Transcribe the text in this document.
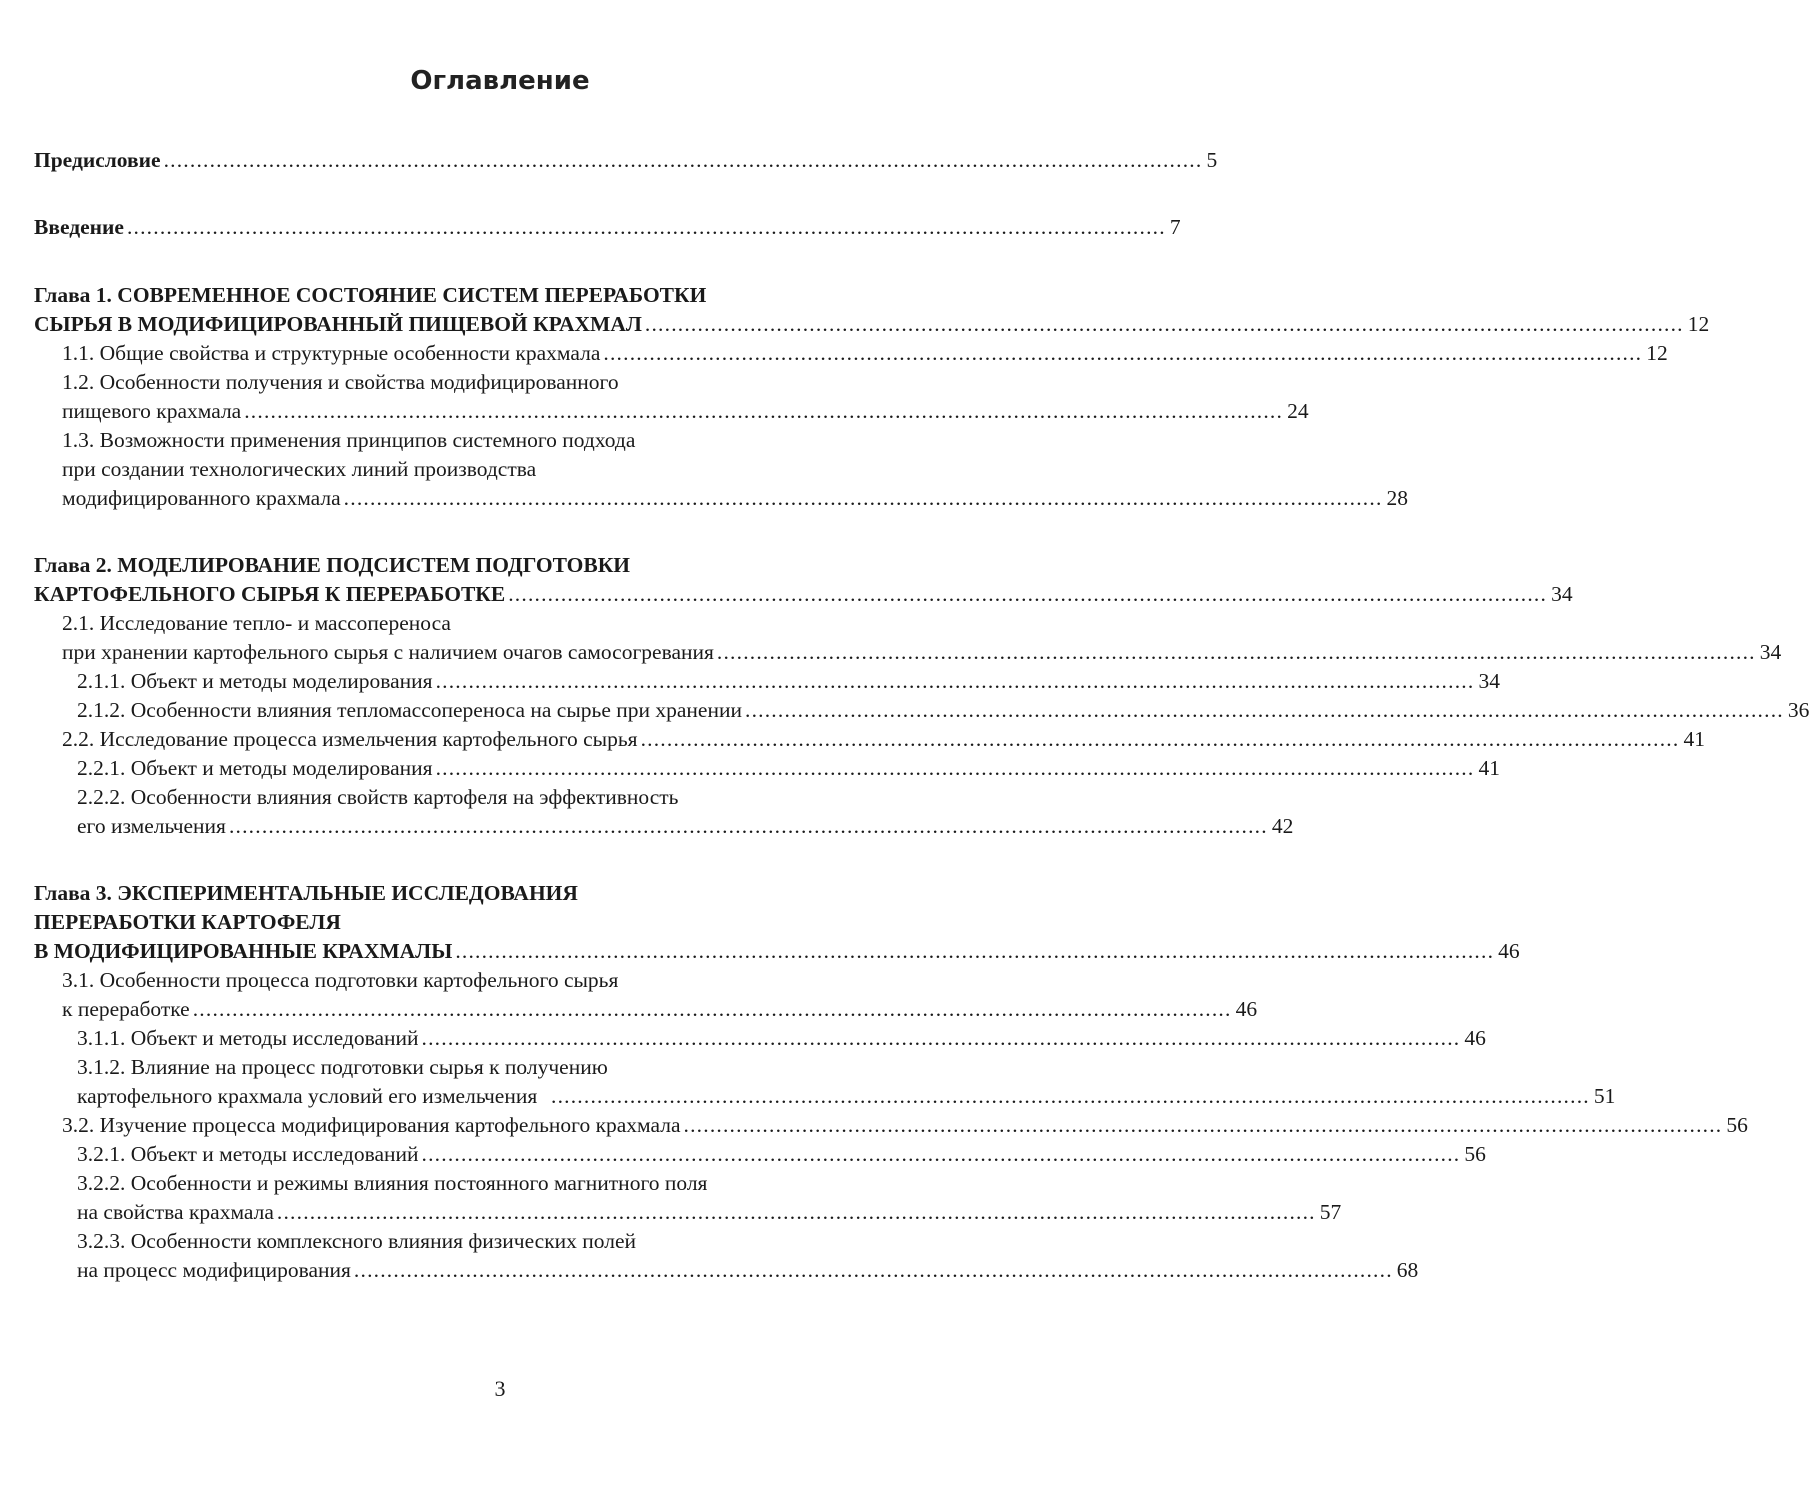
Оглавление
Предисловие .............................................................................................................................................................. 5
Введение .............................................................................................................................................................. 7
Глава 1. СОВРЕМЕННОЕ СОСТОЯНИЕ СИСТЕМ ПЕРЕРАБОТКИ
СЫРЬЯ В МОДИФИЦИРОВАННЫЙ ПИЩЕВОЙ КРАХМАЛ .............................................................................................................................................................. 12
1.1. Общие свойства и структурные особенности крахмала .............................................................................................................................................................. 12
1.2. Особенности получения и свойства модифицированного
пищевого крахмала .............................................................................................................................................................. 24
1.3. Возможности применения принципов системного подхода
при создании технологических линий производства
модифицированного крахмала .............................................................................................................................................................. 28
Глава 2. МОДЕЛИРОВАНИЕ ПОДСИСТЕМ ПОДГОТОВКИ
КАРТОФЕЛЬНОГО СЫРЬЯ К ПЕРЕРАБОТКЕ .............................................................................................................................................................. 34
2.1. Исследование тепло- и массопереноса
при хранении картофельного сырья с наличием очагов самосогревания .............................................................................................................................................................. 34
2.1.1. Объект и методы моделирования .............................................................................................................................................................. 34
2.1.2. Особенности влияния тепломассопереноса на сырье при хранении .............................................................................................................................................................. 36
2.2. Исследование процесса измельчения картофельного сырья .............................................................................................................................................................. 41
2.2.1. Объект и методы моделирования .............................................................................................................................................................. 41
2.2.2. Особенности влияния свойств картофеля на эффективность
его измельчения .............................................................................................................................................................. 42
Глава 3. ЭКСПЕРИМЕНТАЛЬНЫЕ ИССЛЕДОВАНИЯ
ПЕРЕРАБОТКИ КАРТОФЕЛЯ
В МОДИФИЦИРОВАННЫЕ КРАХМАЛЫ .............................................................................................................................................................. 46
3.1. Особенности процесса подготовки картофельного сырья
к переработке .............................................................................................................................................................. 46
3.1.1. Объект и методы исследований .............................................................................................................................................................. 46
3.1.2. Влияние на процесс подготовки сырья к получению
картофельного крахмала условий его измельчения .............................................................................................................................................................. 51
3.2. Изучение процесса модифицирования картофельного крахмала .............................................................................................................................................................. 56
3.2.1. Объект и методы исследований .............................................................................................................................................................. 56
3.2.2. Особенности и режимы влияния постоянного магнитного поля
на свойства крахмала .............................................................................................................................................................. 57
3.2.3. Особенности комплексного влияния физических полей
на процесс модифицирования .............................................................................................................................................................. 68
3
